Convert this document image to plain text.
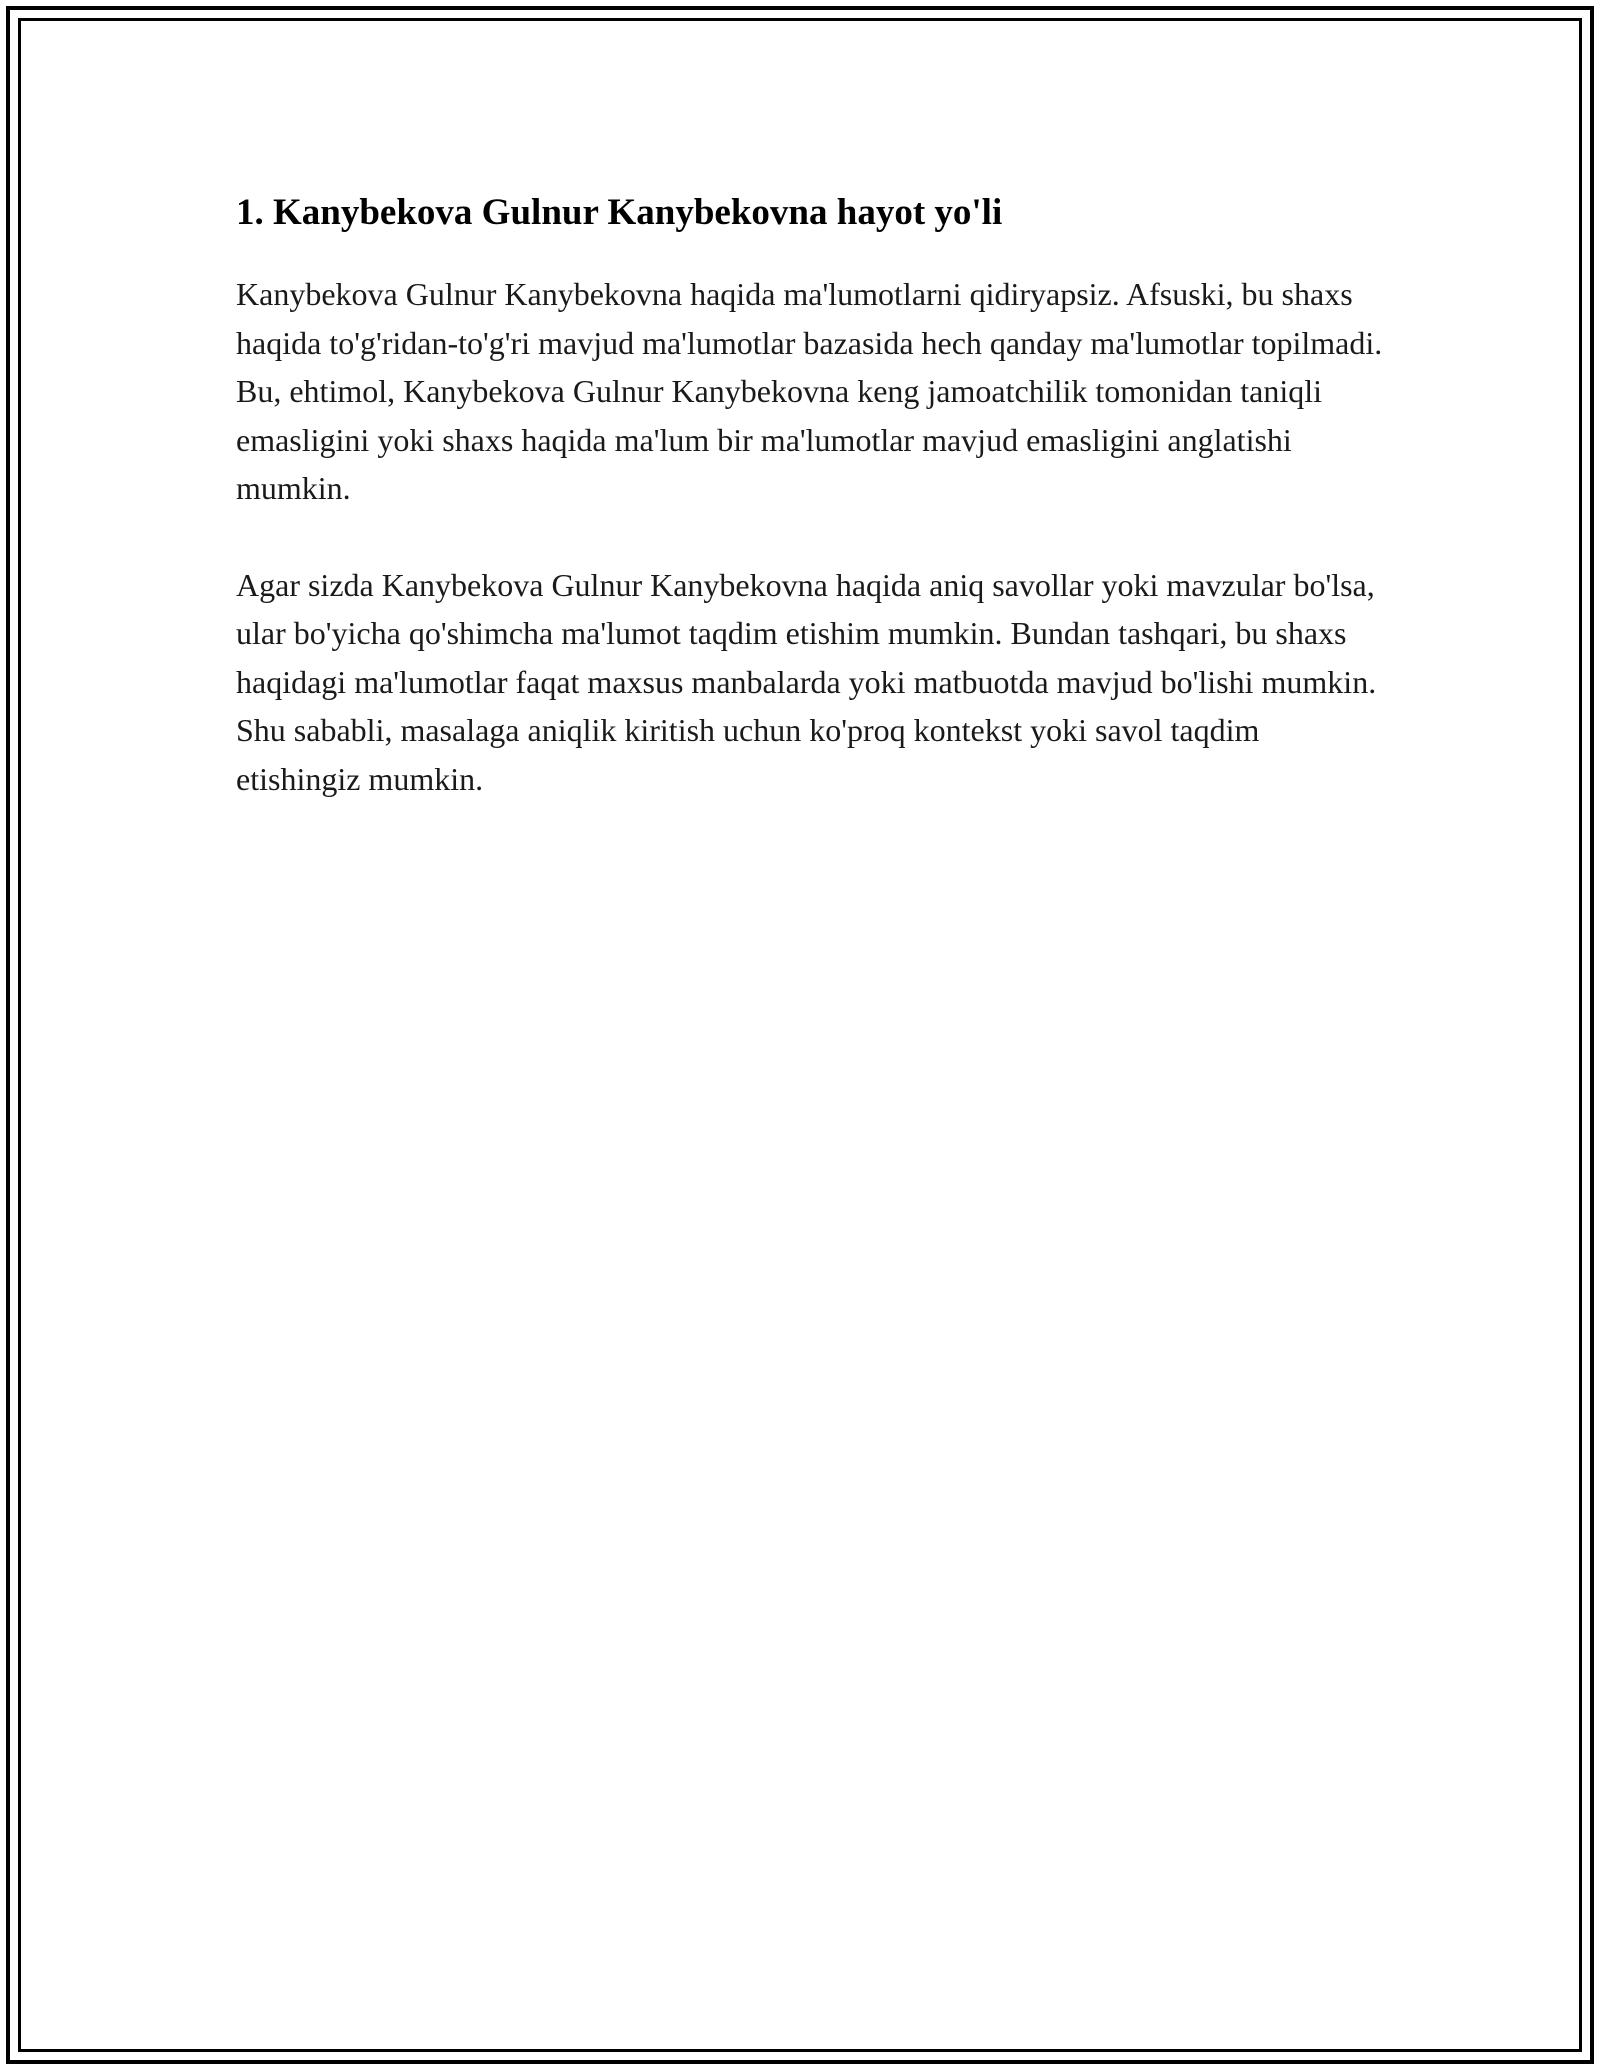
1. Kanybekova Gulnur Kanybekovna hayot yo'li

Kanybekova Gulnur Kanybekovna haqida ma'lumotlarni qidiryapsiz. Afsuski, bu shaxs haqida to'g'ridan-to'g'ri mavjud ma'lumotlar bazasida hech qanday ma'lumotlar topilmadi. Bu, ehtimol, Kanybekova Gulnur Kanybekovna keng jamoatchilik tomonidan taniqli emasligini yoki shaxs haqida ma'lum bir ma'lumotlar mavjud emasligini anglatishi mumkin.

Agar sizda Kanybekova Gulnur Kanybekovna haqida aniq savollar yoki mavzular bo'lsa, ular bo'yicha qo'shimcha ma'lumot taqdim etishim mumkin. Bundan tashqari, bu shaxs haqidagi ma'lumotlar faqat maxsus manbalarda yoki matbuotda mavjud bo'lishi mumkin. Shu sababli, masalaga aniqlik kiritish uchun ko'proq kontekst yoki savol taqdim etishingiz mumkin.
